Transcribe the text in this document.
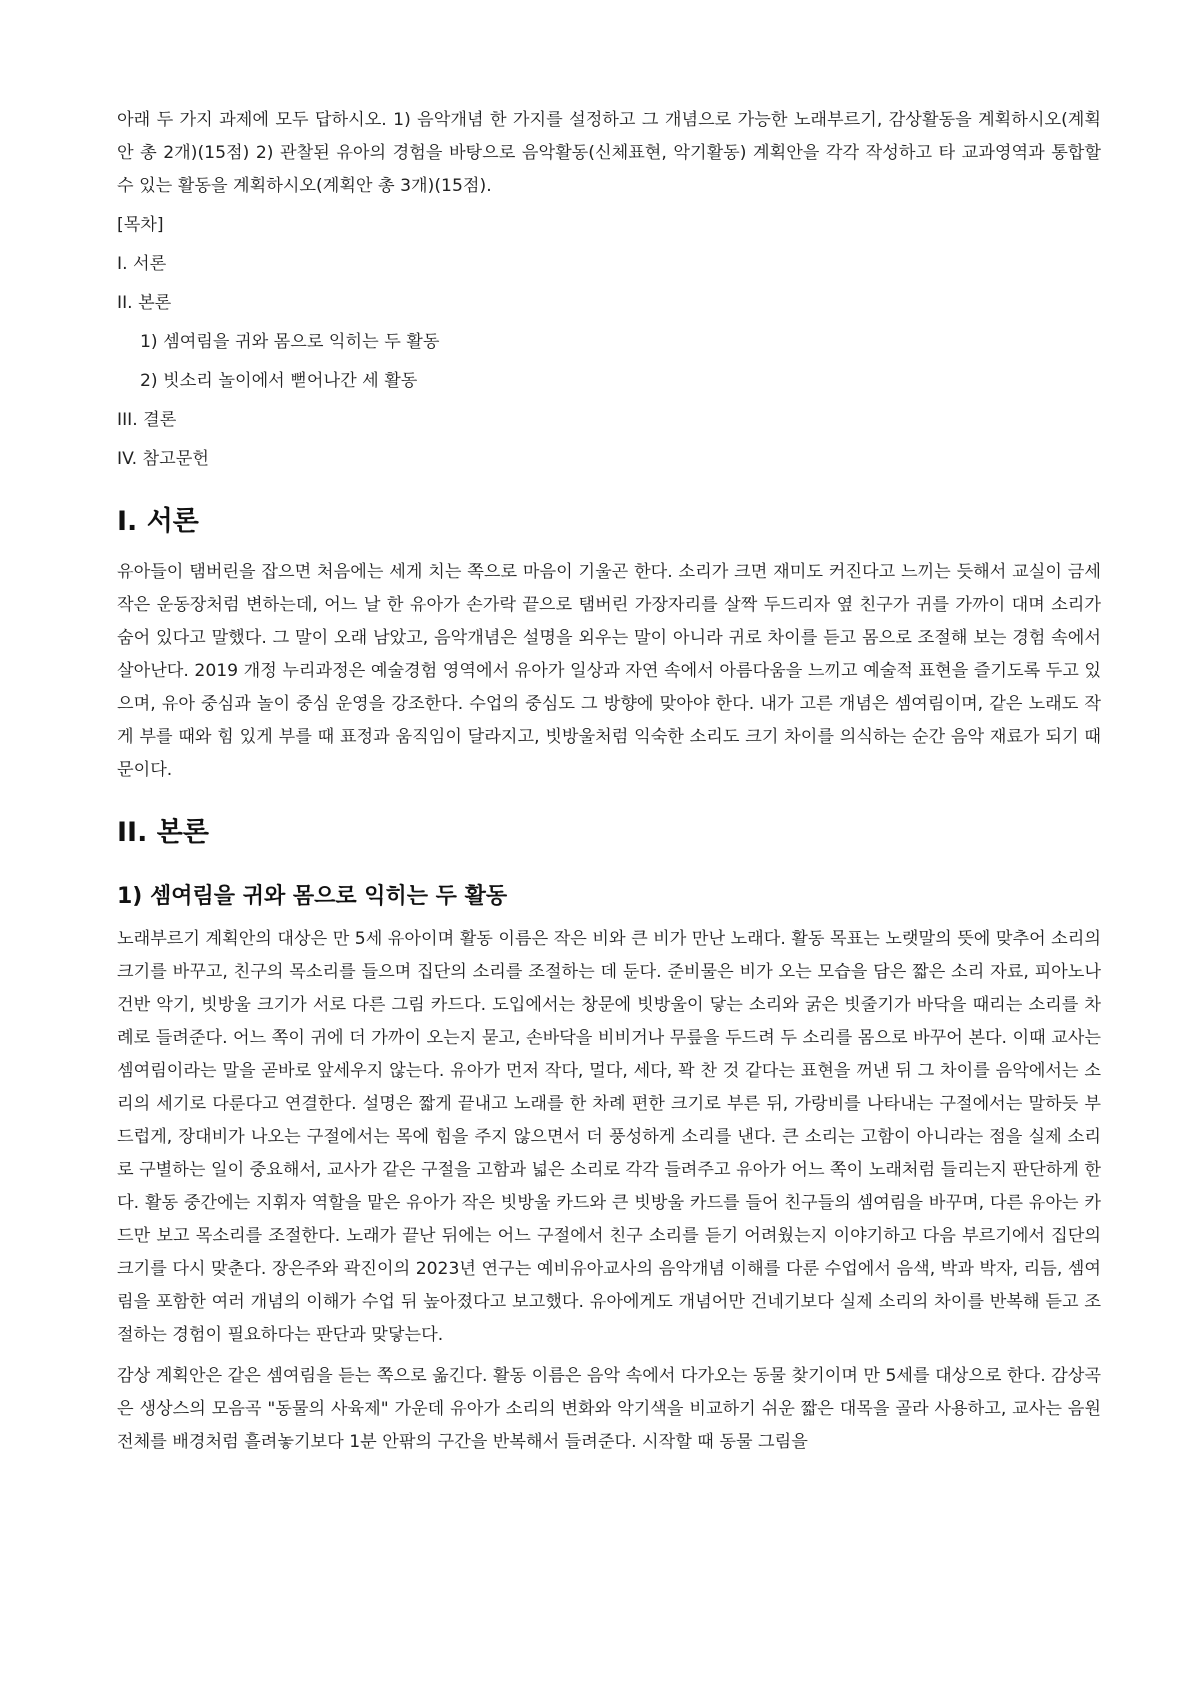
아래 두 가지 과제에 모두 답하시오. 1) 음악개념 한 가지를 설정하고 그 개념으로 가능한 노래부르기, 감상활동을 계획하시오(계획안 총 2개)(15점) 2) 관찰된 유아의 경험을 바탕으로 음악활동(신체표현, 악기활동) 계획안을 각각 작성하고 타 교과영역과 통합할 수 있는 활동을 계획하시오(계획안 총 3개)(15점).

[목차]
I. 서론
II. 본론
1) 셈여림을 귀와 몸으로 익히는 두 활동
2) 빗소리 놀이에서 뻗어나간 세 활동
III. 결론
IV. 참고문헌
I. 서론

유아들이 탬버린을 잡으면 처음에는 세게 치는 쪽으로 마음이 기울곤 한다. 소리가 크면 재미도 커진다고 느끼는 듯해서 교실이 금세 작은 운동장처럼 변하는데, 어느 날 한 유아가 손가락 끝으로 탬버린 가장자리를 살짝 두드리자 옆 친구가 귀를 가까이 대며 소리가 숨어 있다고 말했다. 그 말이 오래 남았고, 음악개념은 설명을 외우는 말이 아니라 귀로 차이를 듣고 몸으로 조절해 보는 경험 속에서 살아난다. 2019 개정 누리과정은 예술경험 영역에서 유아가 일상과 자연 속에서 아름다움을 느끼고 예술적 표현을 즐기도록 두고 있으며, 유아 중심과 놀이 중심 운영을 강조한다. 수업의 중심도 그 방향에 맞아야 한다. 내가 고른 개념은 셈여림이며, 같은 노래도 작게 부를 때와 힘 있게 부를 때 표정과 움직임이 달라지고, 빗방울처럼 익숙한 소리도 크기 차이를 의식하는 순간 음악 재료가 되기 때문이다.

II. 본론
1) 셈여림을 귀와 몸으로 익히는 두 활동

노래부르기 계획안의 대상은 만 5세 유아이며 활동 이름은 작은 비와 큰 비가 만난 노래다. 활동 목표는 노랫말의 뜻에 맞추어 소리의 크기를 바꾸고, 친구의 목소리를 들으며 집단의 소리를 조절하는 데 둔다. 준비물은 비가 오는 모습을 담은 짧은 소리 자료, 피아노나 건반 악기, 빗방울 크기가 서로 다른 그림 카드다. 도입에서는 창문에 빗방울이 닿는 소리와 굵은 빗줄기가 바닥을 때리는 소리를 차례로 들려준다. 어느 쪽이 귀에 더 가까이 오는지 묻고, 손바닥을 비비거나 무릎을 두드려 두 소리를 몸으로 바꾸어 본다. 이때 교사는 셈여림이라는 말을 곧바로 앞세우지 않는다. 유아가 먼저 작다, 멀다, 세다, 꽉 찬 것 같다는 표현을 꺼낸 뒤 그 차이를 음악에서는 소리의 세기로 다룬다고 연결한다. 설명은 짧게 끝내고 노래를 한 차례 편한 크기로 부른 뒤, 가랑비를 나타내는 구절에서는 말하듯 부드럽게, 장대비가 나오는 구절에서는 목에 힘을 주지 않으면서 더 풍성하게 소리를 낸다. 큰 소리는 고함이 아니라는 점을 실제 소리로 구별하는 일이 중요해서, 교사가 같은 구절을 고함과 넓은 소리로 각각 들려주고 유아가 어느 쪽이 노래처럼 들리는지 판단하게 한다. 활동 중간에는 지휘자 역할을 맡은 유아가 작은 빗방울 카드와 큰 빗방울 카드를 들어 친구들의 셈여림을 바꾸며, 다른 유아는 카드만 보고 목소리를 조절한다. 노래가 끝난 뒤에는 어느 구절에서 친구 소리를 듣기 어려웠는지 이야기하고 다음 부르기에서 집단의 크기를 다시 맞춘다. 장은주와 곽진이의 2023년 연구는 예비유아교사의 음악개념 이해를 다룬 수업에서 음색, 박과 박자, 리듬, 셈여림을 포함한 여러 개념의 이해가 수업 뒤 높아졌다고 보고했다. 유아에게도 개념어만 건네기보다 실제 소리의 차이를 반복해 듣고 조절하는 경험이 필요하다는 판단과 맞닿는다.

감상 계획안은 같은 셈여림을 듣는 쪽으로 옮긴다. 활동 이름은 음악 속에서 다가오는 동물 찾기이며 만 5세를 대상으로 한다. 감상곡은 생상스의 모음곡 "동물의 사육제" 가운데 유아가 소리의 변화와 악기색을 비교하기 쉬운 짧은 대목을 골라 사용하고, 교사는 음원 전체를 배경처럼 흘려놓기보다 1분 안팎의 구간을 반복해서 들려준다. 시작할 때 동물 그림을
